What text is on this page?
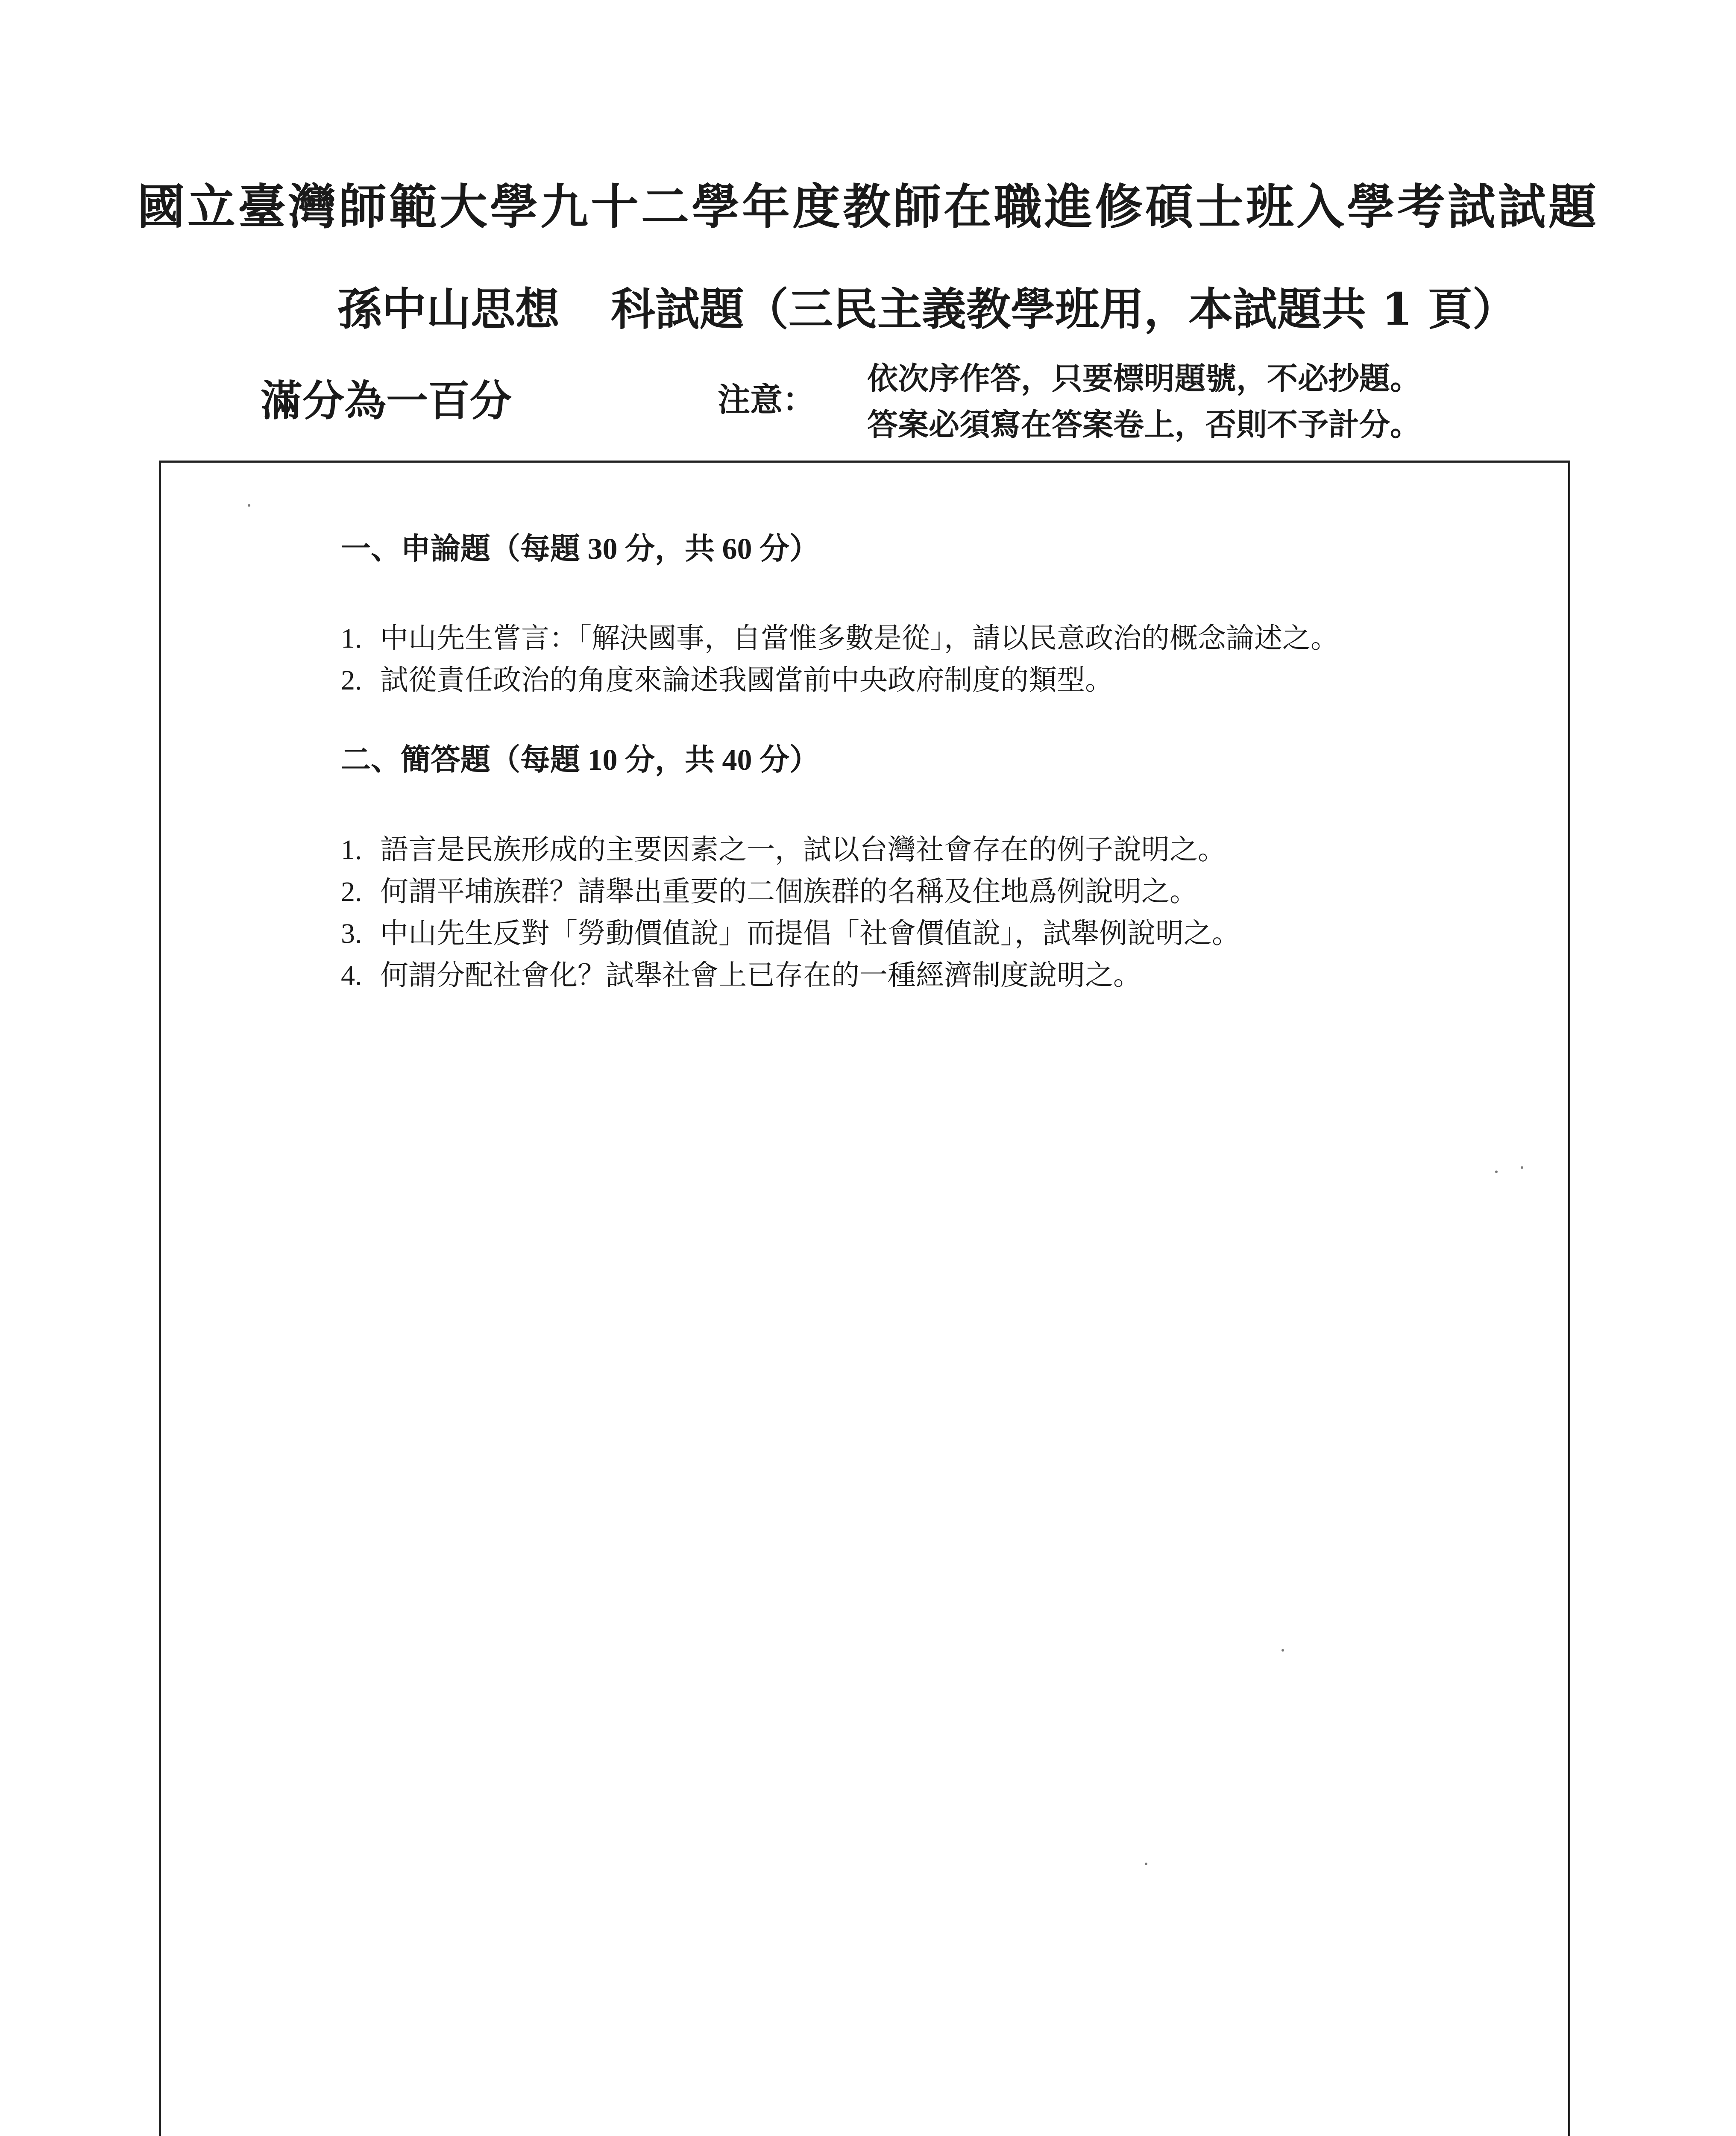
國立臺灣師範大學九十二學年度教師在職進修碩士班入學考試試題
孫中山思想 科試題（三民主義教學班用，本試題共 1 頁）
滿分為一百分	注意：
依次序作答，只要標明題號，不必抄題。
答案必須寫在答案卷上，否則不予計分。
一、申論題（每題 30 分，共 60 分）
1. 中山先生嘗言：「解決國事，自當惟多數是從」，請以民意政治的概念論述之。
2. 試從責任政治的角度來論述我國當前中央政府制度的類型。
二、簡答題（每題 10 分，共 40 分）
1. 語言是民族形成的主要因素之一，試以台灣社會存在的例子說明之。
2. 何謂平埔族群？請舉出重要的二個族群的名稱及住地爲例說明之。
3. 中山先生反對「勞動價值說」而提倡「社會價值說」，試舉例說明之。
4. 何謂分配社會化？試舉社會上已存在的一種經濟制度說明之。
